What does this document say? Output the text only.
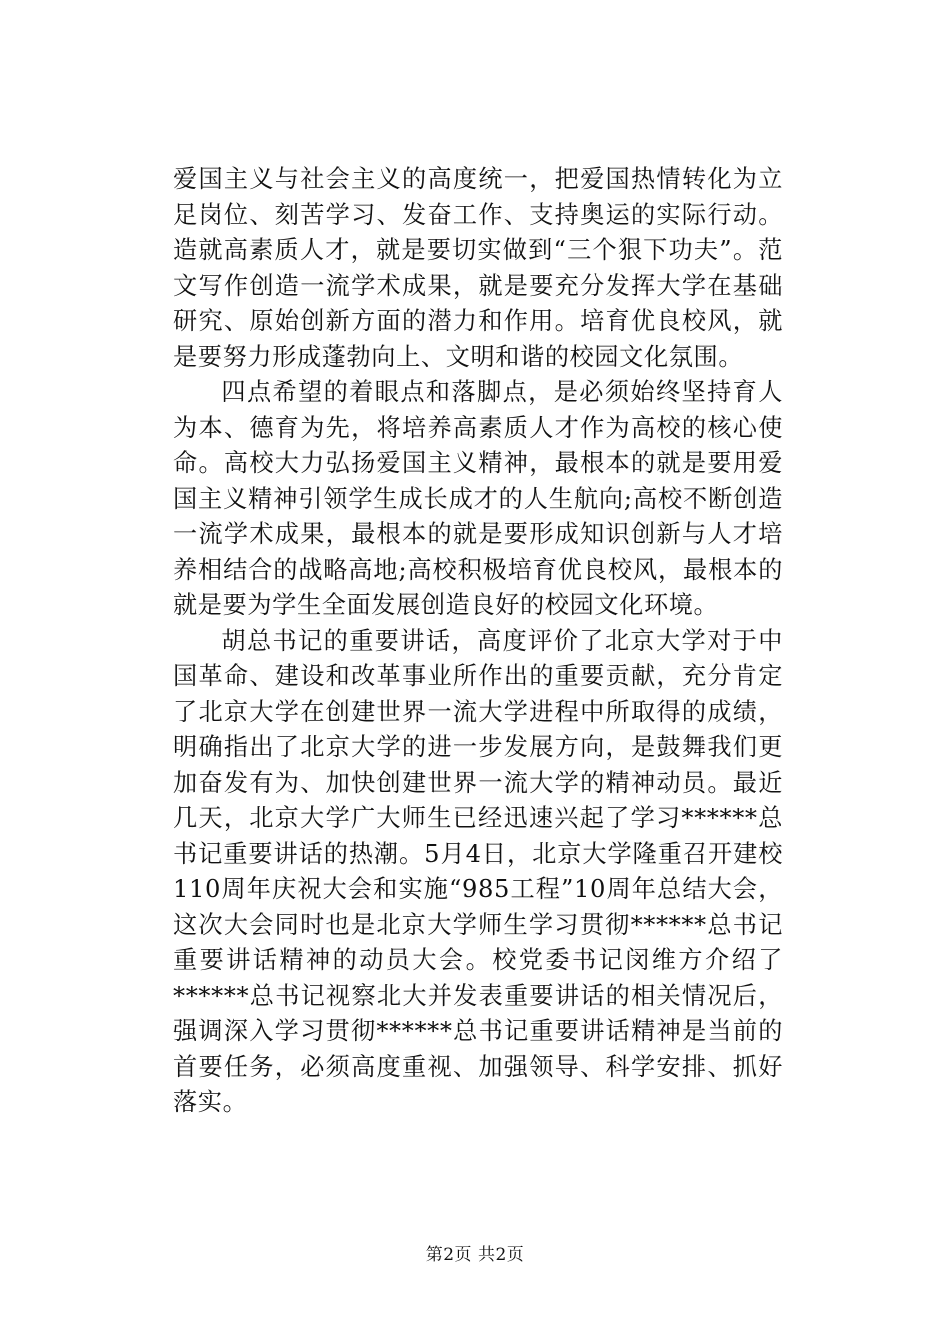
爱国主义与社会主义的高度统一，把爱国热情转化为立足岗位、刻苦学习、发奋工作、支持奥运的实际行动。造就高素质人才，就是要切实做到“三个狠下功夫”。范文写作创造一流学术成果，就是要充分发挥大学在基础研究、原始创新方面的潜力和作用。培育优良校风，就是要努力形成蓬勃向上、文明和谐的校园文化氛围。

四点希望的着眼点和落脚点，是必须始终坚持育人为本、德育为先，将培养高素质人才作为高校的核心使命。高校大力弘扬爱国主义精神，最根本的就是要用爱国主义精神引领学生成长成才的人生航向;高校不断创造一流学术成果，最根本的就是要形成知识创新与人才培养相结合的战略高地;高校积极培育优良校风，最根本的就是要为学生全面发展创造良好的校园文化环境。

胡总书记的重要讲话，高度评价了北京大学对于中国革命、建设和改革事业所作出的重要贡献，充分肯定了北京大学在创建世界一流大学进程中所取得的成绩，明确指出了北京大学的进一步发展方向，是鼓舞我们更加奋发有为、加快创建世界一流大学的精神动员。最近几天，北京大学广大师生已经迅速兴起了学习******总书记重要讲话的热潮。5月4日，北京大学隆重召开建校110周年庆祝大会和实施“985工程”10周年总结大会，这次大会同时也是北京大学师生学习贯彻******总书记重要讲话精神的动员大会。校党委书记闵维方介绍了******总书记视察北大并发表重要讲话的相关情况后，强调深入学习贯彻******总书记重要讲话精神是当前的首要任务，必须高度重视、加强领导、科学安排、抓好落实。

第2页 共2页
